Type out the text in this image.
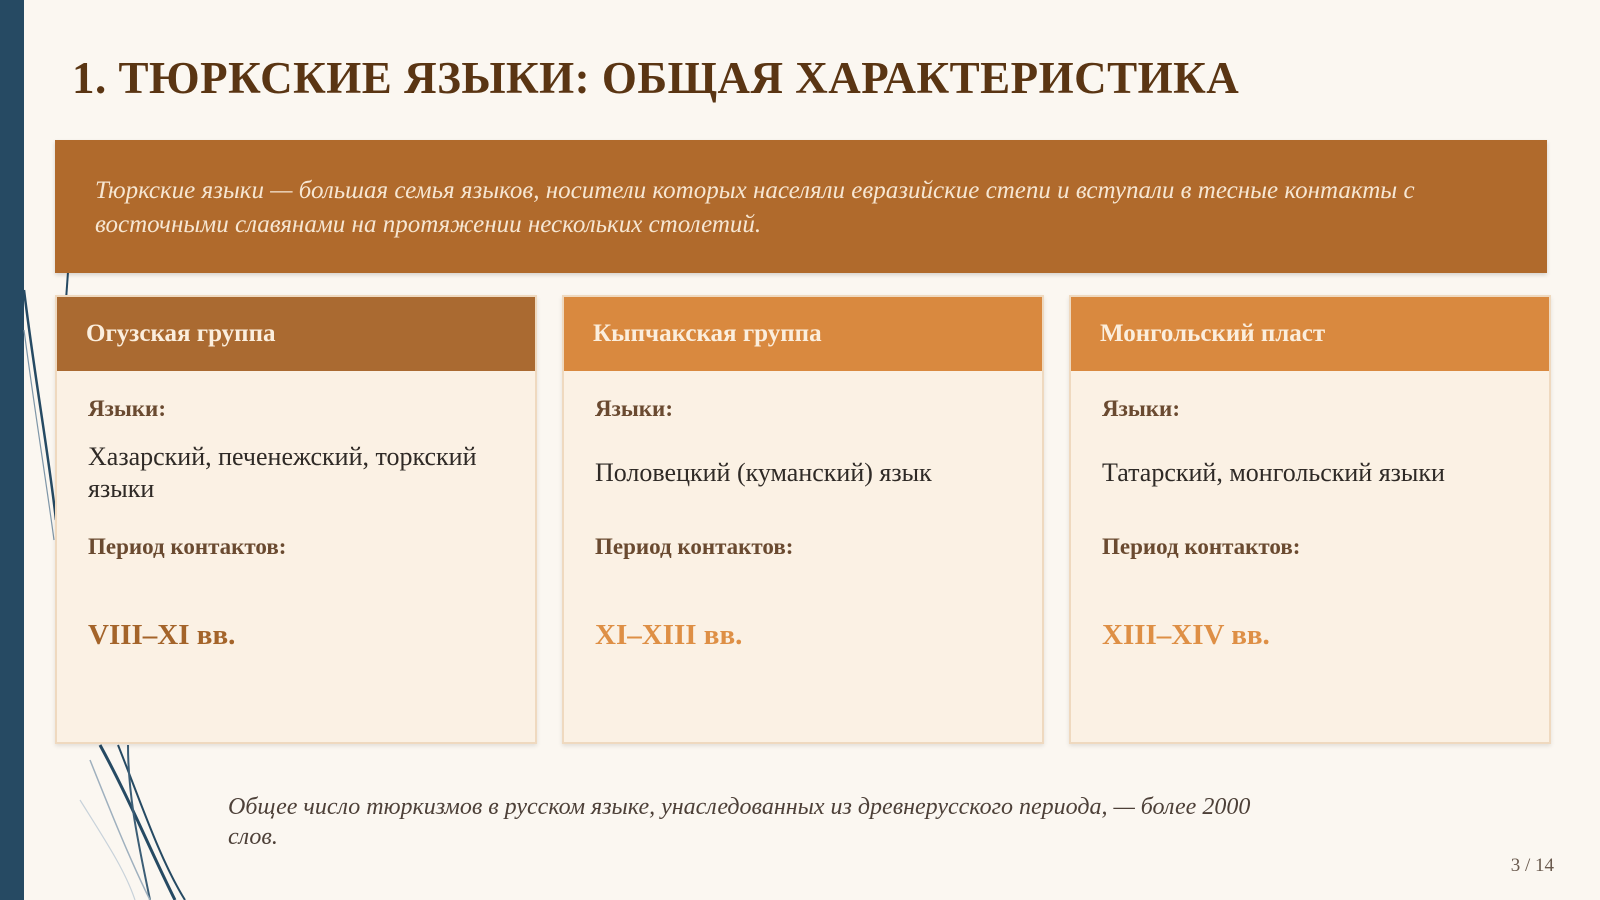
1. ТЮРКСКИЕ ЯЗЫКИ: ОБЩАЯ ХАРАКТЕРИСТИКА

Тюркские языки — большая семья языков, носители которых населяли евразийские степи и вступали в тесные контакты с восточными славянами на протяжении нескольких столетий.

Огузская группа
Языки:
Хазарский, печенежский, торкский языки
Период контактов:
VIII–XI вв.
Кыпчакская группа
Языки:
Половецкий (куманский) язык
Период контактов:
XI–XIII вв.
Монгольский пласт
Языки:
Татарский, монгольский языки
Период контактов:
XIII–XIV вв.
Общее число тюркизмов в русском языке, унаследованных из древнерусского периода, — более 2000 слов.
3 / 14
